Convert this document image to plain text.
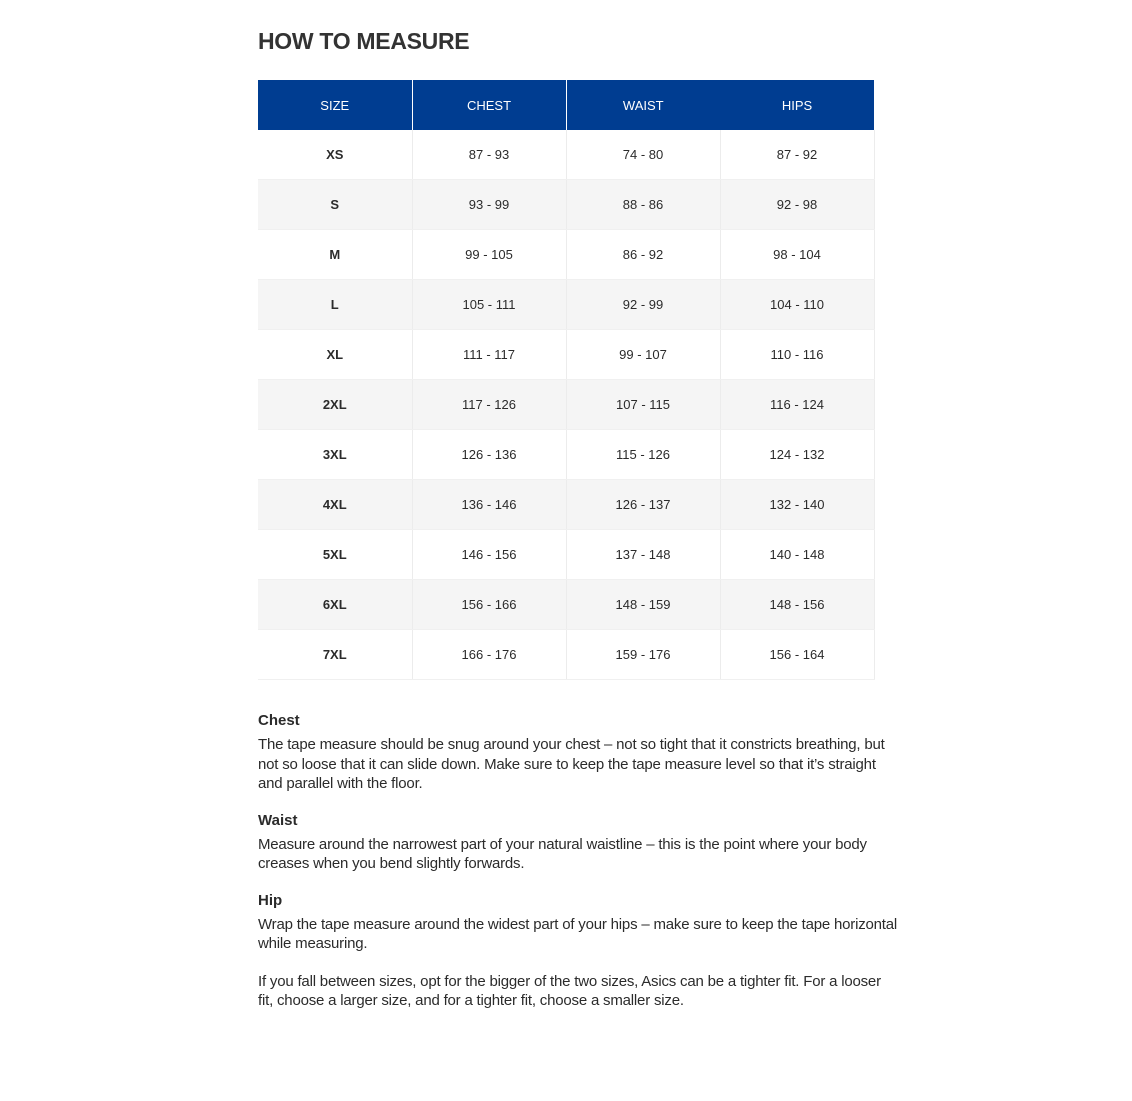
HOW TO MEASURE
SIZE	CHEST	WAIST	HIPS
XS	87 - 93	74 - 80	87 - 92
S	93 - 99	88 - 86	92 - 98
M	99 - 105	86 - 92	98 - 104
L	105 - 111	92 - 99	104 - 110
XL	111 - 117	99 - 107	110 - 116
2XL	117 - 126	107 - 115	116 - 124
3XL	126 - 136	115 - 126	124 - 132
4XL	136 - 146	126 - 137	132 - 140
5XL	146 - 156	137 - 148	140 - 148
6XL	156 - 166	148 - 159	148 - 156
7XL	166 - 176	159 - 176	156 - 164

Chest

The tape measure should be snug around your chest – not so tight that it constricts breathing, but not so loose that it can slide down. Make sure to keep the tape measure level so that it’s straight and parallel with the floor.

Waist

Measure around the narrowest part of your natural waistline – this is the point where your body creases when you bend slightly forwards.

Hip

Wrap the tape measure around the widest part of your hips – make sure to keep the tape horizontal while measuring.

If you fall between sizes, opt for the bigger of the two sizes, Asics can be a tighter fit. For a looser fit, choose a larger size, and for a tighter fit, choose a smaller size.
